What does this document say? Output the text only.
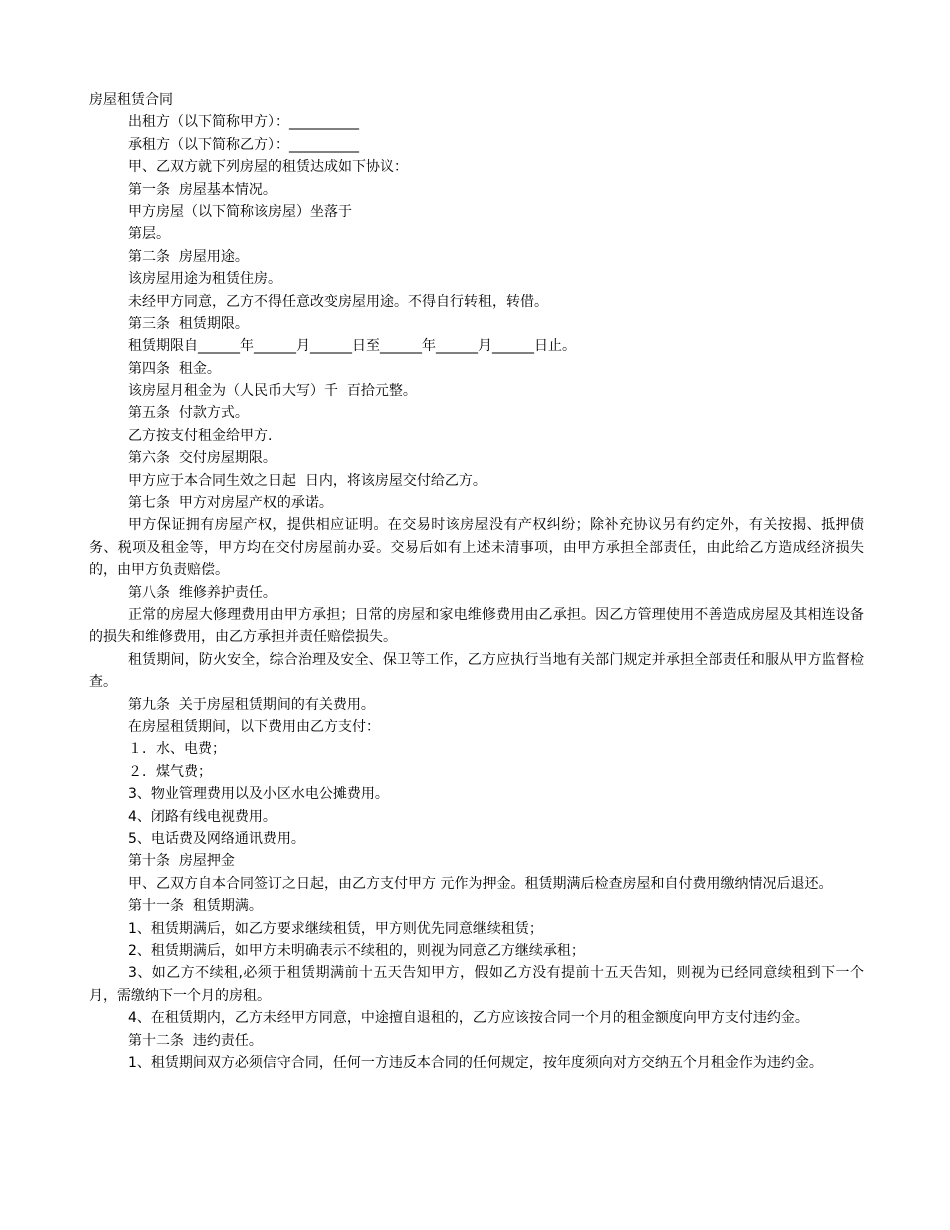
房屋租赁合同
出租方（以下简称甲方）：__________
承租方（以下简称乙方）：__________
甲、乙双方就下列房屋的租赁达成如下协议：
第一条  房屋基本情况。
甲方房屋（以下简称该房屋）坐落于
第层。
第二条  房屋用途。
该房屋用途为租赁住房。
未经甲方同意，乙方不得任意改变房屋用途。不得自行转租，转借。
第三条  租赁期限。
租赁期限自______年______月______日至______年______月______日止。
第四条  租金。
该房屋月租金为（人民币大写）千  百拾元整。
第五条  付款方式。
乙方按支付租金给甲方.
第六条  交付房屋期限。
甲方应于本合同生效之日起  日内，将该房屋交付给乙方。
第七条  甲方对房屋产权的承诺。
甲方保证拥有房屋产权，提供相应证明。在交易时该房屋没有产权纠纷；除补充协议另有约定外，有关按揭、抵押债务、税项及租金等，甲方均在交付房屋前办妥。交易后如有上述未清事项，由甲方承担全部责任，由此给乙方造成经济损失的，由甲方负责赔偿。
第八条  维修养护责任。
正常的房屋大修理费用由甲方承担；日常的房屋和家电维修费用由乙承担。因乙方管理使用不善造成房屋及其相连设备的损失和维修费用，由乙方承担并责任赔偿损失。
租赁期间，防火安全，综合治理及安全、保卫等工作，乙方应执行当地有关部门规定并承担全部责任和服从甲方监督检查。
第九条  关于房屋租赁期间的有关费用。
在房屋租赁期间，以下费用由乙方支付：
１．水、电费；
２．煤气费；
3、物业管理费用以及小区水电公摊费用。
4、闭路有线电视费用。
5、电话费及网络通讯费用。
第十条  房屋押金
甲、乙双方自本合同签订之日起，由乙方支付甲方 元作为押金。租赁期满后检查房屋和自付费用缴纳情况后退还。
第十一条  租赁期满。
1、租赁期满后，如乙方要求继续租赁，甲方则优先同意继续租赁；
2、租赁期满后，如甲方未明确表示不续租的，则视为同意乙方继续承租；
3、如乙方不续租,必须于租赁期满前十五天告知甲方，假如乙方没有提前十五天告知，则视为已经同意续租到下一个月，需缴纳下一个月的房租。
4、在租赁期内，乙方未经甲方同意，中途擅自退租的，乙方应该按合同一个月的租金额度向甲方支付违约金。
第十二条  违约责任。
1、租赁期间双方必须信守合同，任何一方违反本合同的任何规定，按年度须向对方交纳五个月租金作为违约金。
